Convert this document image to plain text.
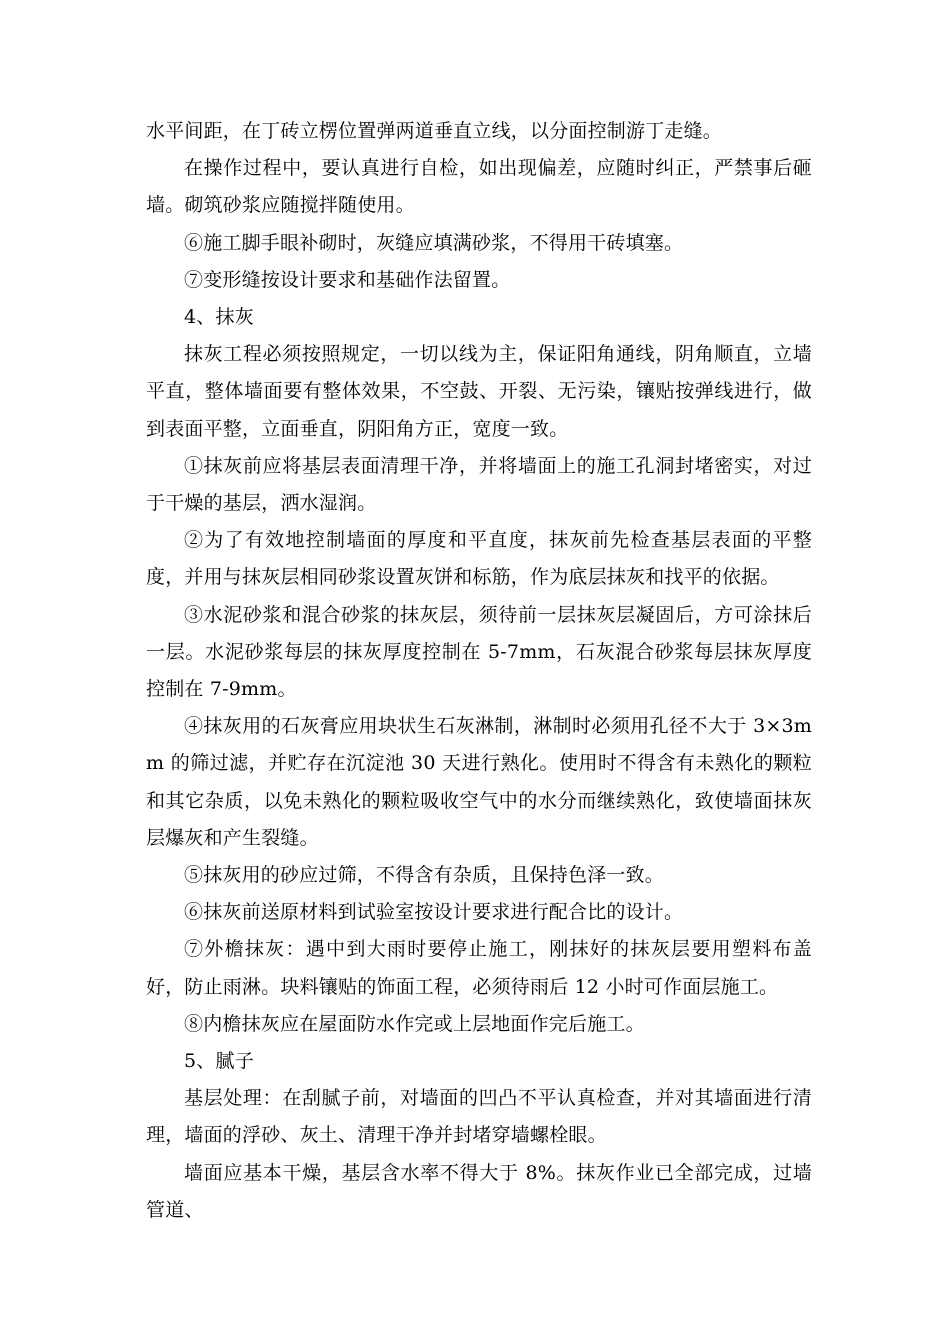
水平间距，在丁砖立楞位置弹两道垂直立线，以分面控制游丁走缝。

在操作过程中，要认真进行自检，如出现偏差，应随时纠正，严禁事后砸墙。砌筑砂浆应随搅拌随使用。

⑥施工脚手眼补砌时，灰缝应填满砂浆，不得用干砖填塞。

⑦变形缝按设计要求和基础作法留置。

4、抹灰

抹灰工程必须按照规定，一切以线为主，保证阳角通线，阴角顺直，立墙平直，整体墙面要有整体效果，不空鼓、开裂、无污染，镶贴按弹线进行，做到表面平整，立面垂直，阴阳角方正，宽度一致。

①抹灰前应将基层表面清理干净，并将墙面上的施工孔洞封堵密实，对过于干燥的基层，洒水湿润。

②为了有效地控制墙面的厚度和平直度，抹灰前先检查基层表面的平整度，并用与抹灰层相同砂浆设置灰饼和标筋，作为底层抹灰和找平的依据。

③水泥砂浆和混合砂浆的抹灰层，须待前一层抹灰层凝固后，方可涂抹后一层。水泥砂浆每层的抹灰厚度控制在 5-7mm，石灰混合砂浆每层抹灰厚度控制在 7-9mm。

④抹灰用的石灰膏应用块状生石灰淋制，淋制时必须用孔径不大于 3×3mm 的筛过滤，并贮存在沉淀池 30 天进行熟化。使用时不得含有未熟化的颗粒和其它杂质，以免未熟化的颗粒吸收空气中的水分而继续熟化，致使墙面抹灰层爆灰和产生裂缝。

⑤抹灰用的砂应过筛，不得含有杂质，且保持色泽一致。

⑥抹灰前送原材料到试验室按设计要求进行配合比的设计。

⑦外檐抹灰：遇中到大雨时要停止施工，刚抹好的抹灰层要用塑料布盖好，防止雨淋。块料镶贴的饰面工程，必须待雨后 12 小时可作面层施工。

⑧内檐抹灰应在屋面防水作完或上层地面作完后施工。

5、腻子

基层处理：在刮腻子前，对墙面的凹凸不平认真检查，并对其墙面进行清理，墙面的浮砂、灰土、清理干净并封堵穿墙螺栓眼。

墙面应基本干燥，基层含水率不得大于 8%。抹灰作业已全部完成，过墙管道、
